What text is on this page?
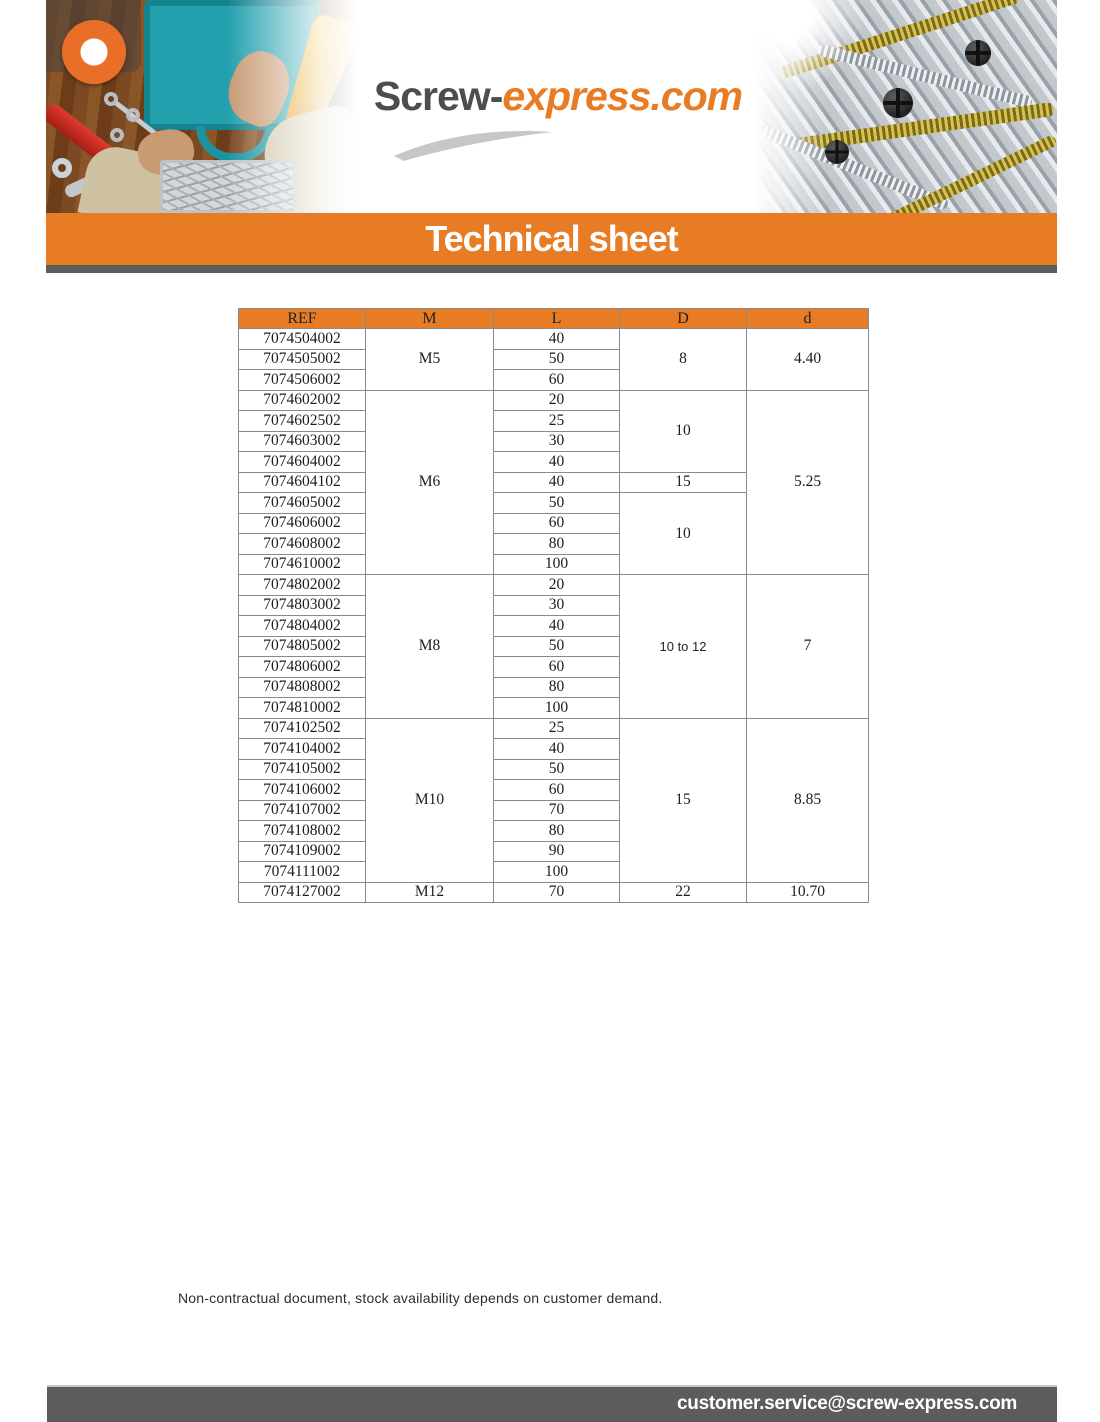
Screw-express.com
Technical sheet
REF	M	L	D	d
7074504002	M5	40	8	4.40
7074505002		50		
7074506002		60		
7074602002	M6	20	10	5.25
7074602502		25		
7074603002		30		
7074604002		40		
7074604102		40	15	
7074605002		50	10	
7074606002		60		
7074608002		80		
7074610002		100		
7074802002	M8	20	10 to 12	7
7074803002		30		
7074804002		40		
7074805002		50		
7074806002		60		
7074808002		80		
7074810002		100		
7074102502	M10	25	15	8.85
7074104002		40		
7074105002		50		
7074106002		60		
7074107002		70		
7074108002		80		
7074109002		90		
7074111002		100		
7074127002	M12	70	22	10.70
Non-contractual document, stock availability depends on customer demand.
customer.service@screw-express.com
